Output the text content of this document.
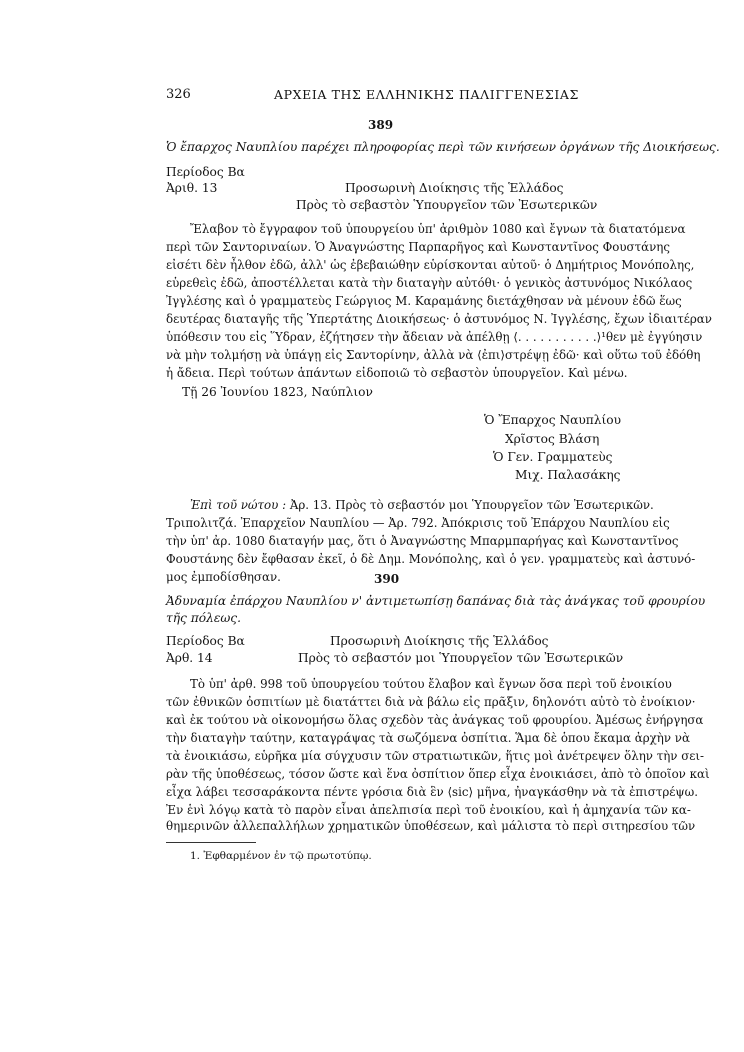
326	ΑΡΧΕΙΑ ΤΗΣ ΕΛΛΗΝΙΚΗΣ ΠΑΛΙΓΓΕΝΕΣΙΑΣ
389
Ὁ ἔπαρχος Ναυπλίου παρέχει πληροφορίας περὶ τῶν κινήσεων ὀργάνων τῆς Διοικήσεως.
Περίοδος Βα
Ἀριθ. 13	Προσωρινὴ Διοίκησις τῆς Ἑλλάδος
Πρὸς τὸ σεβαστὸν Ὑπουργεῖον τῶν Ἐσωτερικῶν
Ἔλαβον τὸ ἔγγραφον τοῦ ὑπουργείου ὑπ' ἀριθμὸν 1080 καὶ ἔγνων τὰ διατατόμενα
περὶ τῶν Σαντοριναίων. Ὁ Ἀναγνώστης Παρπαρῆγος καὶ Κωνσταντῖνος Φουστάνης
εἰσέτι δὲν ἦλθον ἐδῶ, ἀλλ' ὡς ἐβεβαιώθην εὑρίσκονται αὐτοῦ· ὁ Δημήτριος Μονόπολης,
εὑρεθεὶς ἐδῶ, ἀποστέλλεται κατὰ τὴν διαταγὴν αὐτόθι· ὁ γενικὸς ἀστυνόμος Νικόλαος
Ἰγγλέσης καὶ ὁ γραμματεὺς Γεώργιος Μ. Καραμάνης διετάχθησαν νὰ μένουν ἐδῶ ἕως
δευτέρας διαταγῆς τῆς Ὑπερτάτης Διοικήσεως· ὁ ἀστυνόμος Ν. Ἰγγλέσης, ἔχων ἰδιαιτέραν
ὑπόθεσιν του εἰς Ὕδραν, ἐζήτησεν τὴν ἄδειαν νὰ ἀπέλθῃ ⟨. . . . . . . . . . .⟩¹θεν μὲ ἐγγύησιν
νὰ μὴν τολμήσῃ νὰ ὑπάγῃ εἰς Σαντορίνην, ἀλλὰ νὰ ⟨ἐπι⟩στρέψῃ ἐδῶ· καὶ οὕτω τοῦ ἐδόθη
ἡ ἄδεια. Περὶ τούτων ἁπάντων εἰδοποιῶ τὸ σεβαστὸν ὑπουργεῖον. Καὶ μένω.
Τῇ 26 Ἰουνίου 1823, Ναύπλιον
Ὁ Ἔπαρχος Ναυπλίου
Χρῖστος Βλάση
Ὁ Γεν. Γραμματεὺς
Μιχ. Παλασάκης
Ἐπὶ τοῦ νώτου : Ἀρ. 13. Πρὸς τὸ σεβαστόν μοι Ὑπουργεῖον τῶν Ἐσωτερικῶν.
Τριπολιτζά. Ἐπαρχεῖον Ναυπλίου — Ἀρ. 792. Ἀπόκρισις τοῦ Ἐπάρχου Ναυπλίου εἰς
τὴν ὑπ' ἀρ. 1080 διαταγήν μας, ὅτι ὁ Ἀναγνώστης Μπαρμπαρήγας καὶ Κωνσταντῖνος
Φουστάνης δὲν ἔφθασαν ἐκεῖ, ὁ δὲ Δημ. Μονόπολης, καὶ ὁ γεν. γραμματεὺς καὶ ἀστυνό-
μος ἐμποδίσθησαν.	390
Ἀδυναμία ἐπάρχου Ναυπλίου ν' ἀντιμετωπίσῃ δαπάνας διὰ τὰς ἀνάγκας τοῦ φρουρίου
τῆς πόλεως.
Περίοδος Βα
Ἀρθ. 14
Προσωρινὴ Διοίκησις τῆς Ἑλλάδος
Πρὸς τὸ σεβαστόν μοι Ὑπουργεῖον τῶν Ἐσωτερικῶν
Τὸ ὑπ' ἀρθ. 998 τοῦ ὑπουργείου τούτου ἔλαβον καὶ ἔγνων ὅσα περὶ τοῦ ἐνοικίου
τῶν ἐθνικῶν ὀσπιτίων μὲ διατάττει διὰ νὰ βάλω εἰς πρᾶξιν, δηλονότι αὐτὸ τὸ ἐνοίκιον·
καὶ ἐκ τούτου νὰ οἰκονομήσω ὅλας σχεδὸν τὰς ἀνάγκας τοῦ φρουρίου. Ἀμέσως ἐνήργησα
τὴν διαταγὴν ταύτην, καταγράψας τὰ σωζόμενα ὀσπίτια. Ἅμα δὲ ὁπου ἔκαμα ἀρχὴν νὰ
τὰ ἐνοικιάσω, εὑρῆκα μία σύγχυσιν τῶν στρατιωτικῶν, ἥτις μοὶ ἀνέτρεψεν ὅλην τὴν σει-
ρὰν τῆς ὑποθέσεως, τόσον ὥστε καὶ ἕνα ὀσπίτιον ὅπερ εἶχα ἐνοικιάσει, ἀπὸ τὸ ὁποῖον καὶ
εἶχα λάβει τεσσαράκοντα πέντε γρόσια διὰ ἓν ⟨sic⟩ μῆνα, ἠναγκάσθην νὰ τὰ ἐπιστρέψω.
Ἐν ἑνὶ λόγῳ κατὰ τὸ παρὸν εἶναι ἀπελπισία περὶ τοῦ ἐνοικίου, καὶ ἡ ἀμηχανία τῶν κα-
θημερινῶν ἀλλεπαλλήλων χρηματικῶν ὑποθέσεων, καὶ μάλιστα τὸ περὶ σιτηρεσίου τῶν
1. Ἐφθαρμένον ἐν τῷ πρωτοτύπῳ.
